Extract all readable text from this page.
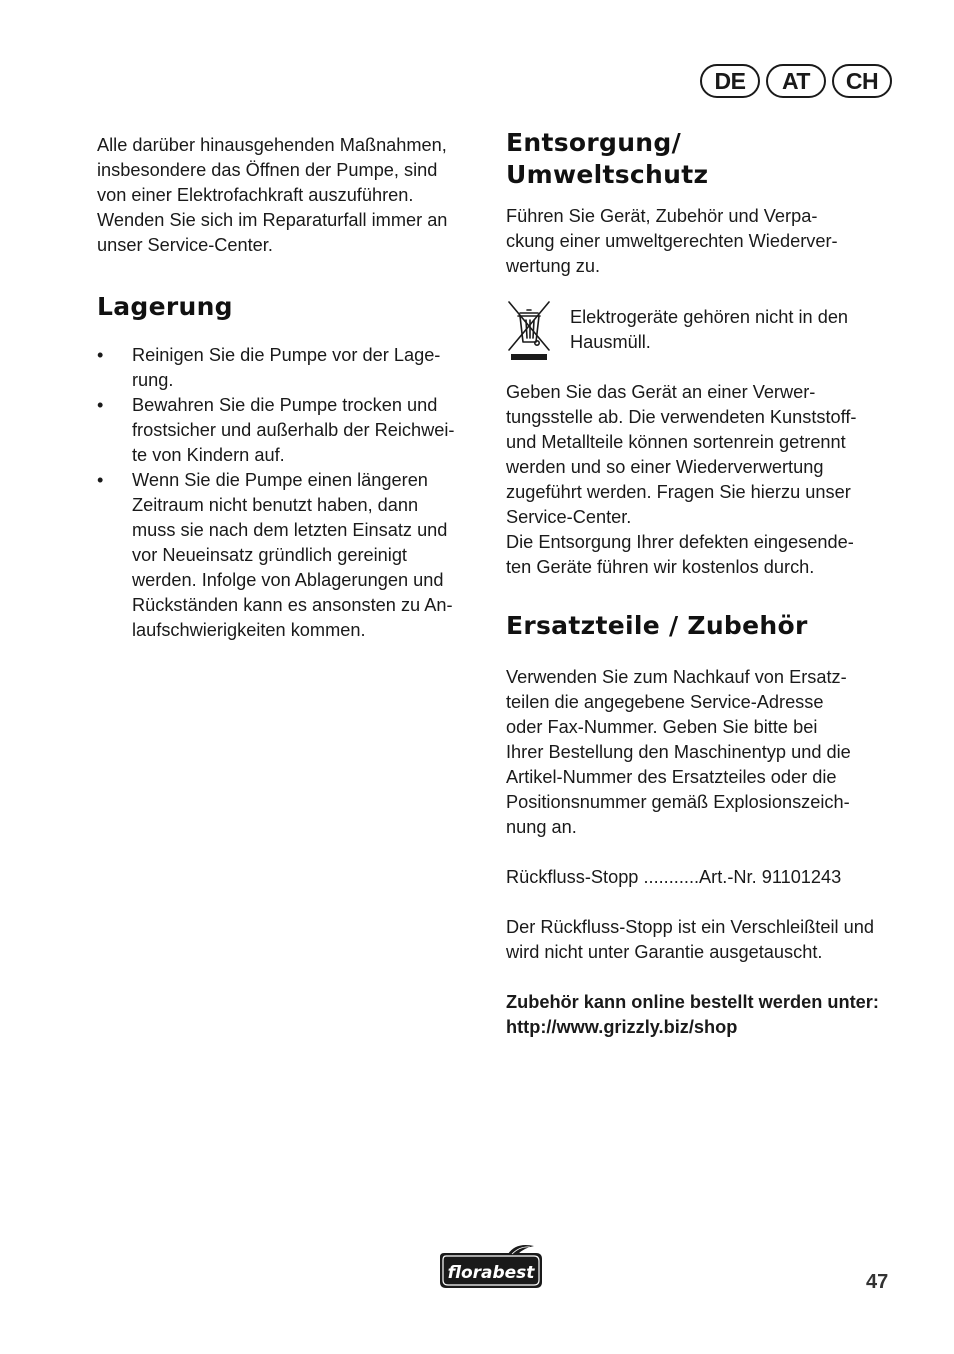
DE	AT	CH

Alle darüber hinausgehenden Maßnahmen,
insbesondere das Öffnen der Pumpe, sind
von einer Elektrofachkraft auszuführen.
Wenden Sie sich im Reparaturfall immer an
unser Service-Center.

Lagerung
• Reinigen Sie die Pumpe vor der Lage-
rung.
• Bewahren Sie die Pumpe trocken und
frostsicher und außerhalb der Reichwei-
te von Kindern auf.
• Wenn Sie die Pumpe einen längeren
Zeitraum nicht benutzt haben, dann
muss sie nach dem letzten Einsatz und
vor Neueinsatz gründlich gereinigt
werden. Infolge von Ablagerungen und
Rückständen kann es ansonsten zu An-
laufschwierigkeiten kommen.
Entsorgung/
Umweltschutz

Führen Sie Gerät, Zubehör und Verpa-
ckung einer umweltgerechten Wiederver-
wertung zu.

Elektrogeräte gehören nicht in den
Hausmüll.

Geben Sie das Gerät an einer Verwer-
tungsstelle ab. Die verwendeten Kunststoff-
und Metallteile können sortenrein getrennt
werden und so einer Wiederverwertung
zugeführt werden. Fragen Sie hierzu unser
Service-Center.
Die Entsorgung Ihrer defekten eingesende-
ten Geräte führen wir kostenlos durch.

Ersatzteile / Zubehör

Verwenden Sie zum Nachkauf von Ersatz-
teilen die angegebene Service-Adresse
oder Fax-Nummer. Geben Sie bitte bei
Ihrer Bestellung den Maschinentyp und die
Artikel-Nummer des Ersatzteiles oder die
Positionsnummer gemäß Explosionszeich-
nung an.

Rückfluss-Stopp ...........Art.-Nr. 91101243

Der Rückfluss-Stopp ist ein Verschleißteil und
wird nicht unter Garantie ausgetauscht.

Zubehör kann online bestellt werden unter:
http://www.grizzly.biz/shop

florabest	47
